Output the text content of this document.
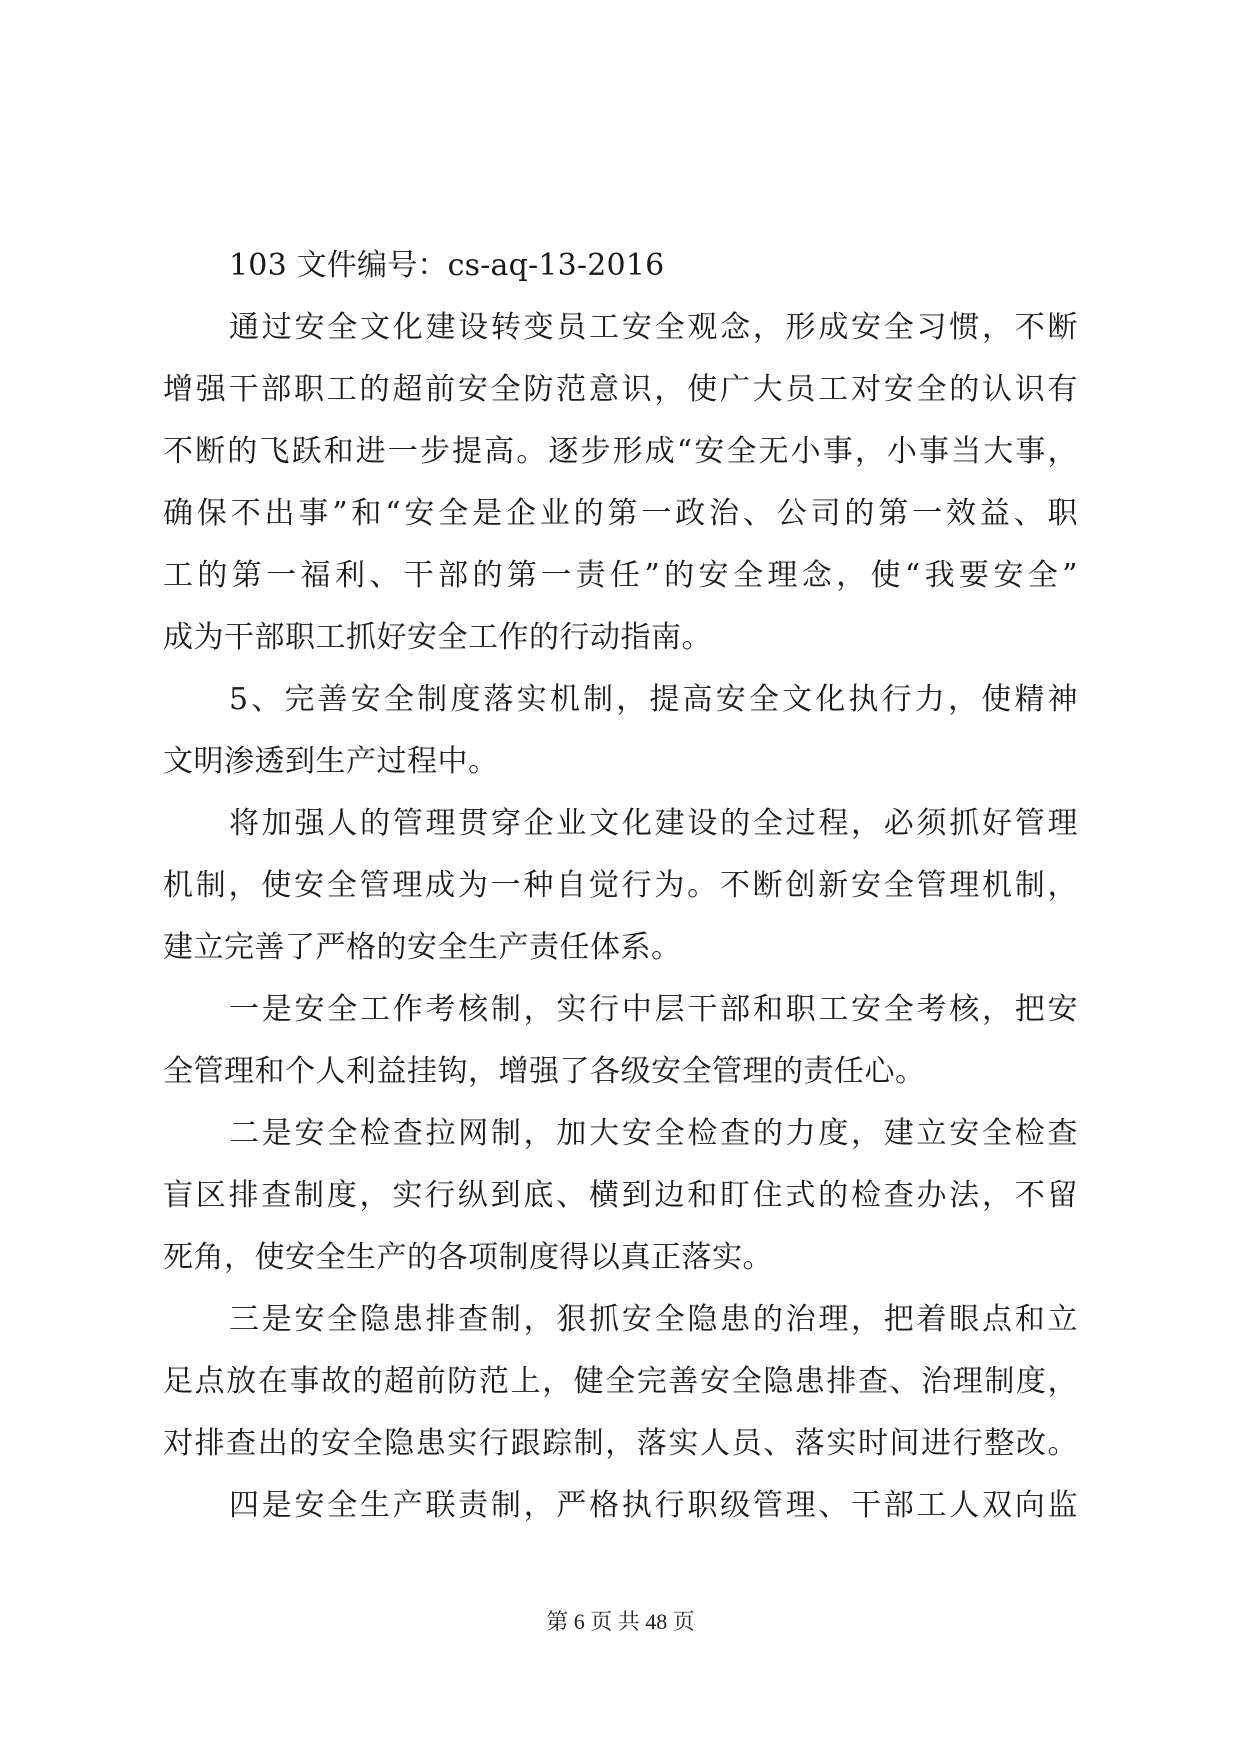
103 文件编号：cs-aq-13-2016
通过安全文化建设转变员工安全观念，形成安全习惯，不断
增强干部职工的超前安全防范意识，使广大员工对安全的认识有
不断的飞跃和进一步提高。逐步形成“安全无小事，小事当大事，
确保不出事”和“安全是企业的第一政治、公司的第一效益、职
工的第一福利、干部的第一责任”的安全理念，使“我要安全”
成为干部职工抓好安全工作的行动指南。
5、完善安全制度落实机制，提高安全文化执行力，使精神
文明渗透到生产过程中。
将加强人的管理贯穿企业文化建设的全过程，必须抓好管理
机制，使安全管理成为一种自觉行为。不断创新安全管理机制，
建立完善了严格的安全生产责任体系。
一是安全工作考核制，实行中层干部和职工安全考核，把安
全管理和个人利益挂钩，增强了各级安全管理的责任心。
二是安全检查拉网制，加大安全检查的力度，建立安全检查
盲区排查制度，实行纵到底、横到边和盯住式的检查办法，不留
死角，使安全生产的各项制度得以真正落实。
三是安全隐患排查制，狠抓安全隐患的治理，把着眼点和立
足点放在事故的超前防范上，健全完善安全隐患排查、治理制度，
对排查出的安全隐患实行跟踪制，落实人员、落实时间进行整改。
四是安全生产联责制，严格执行职级管理、干部工人双向监
第 6 页 共 48 页
